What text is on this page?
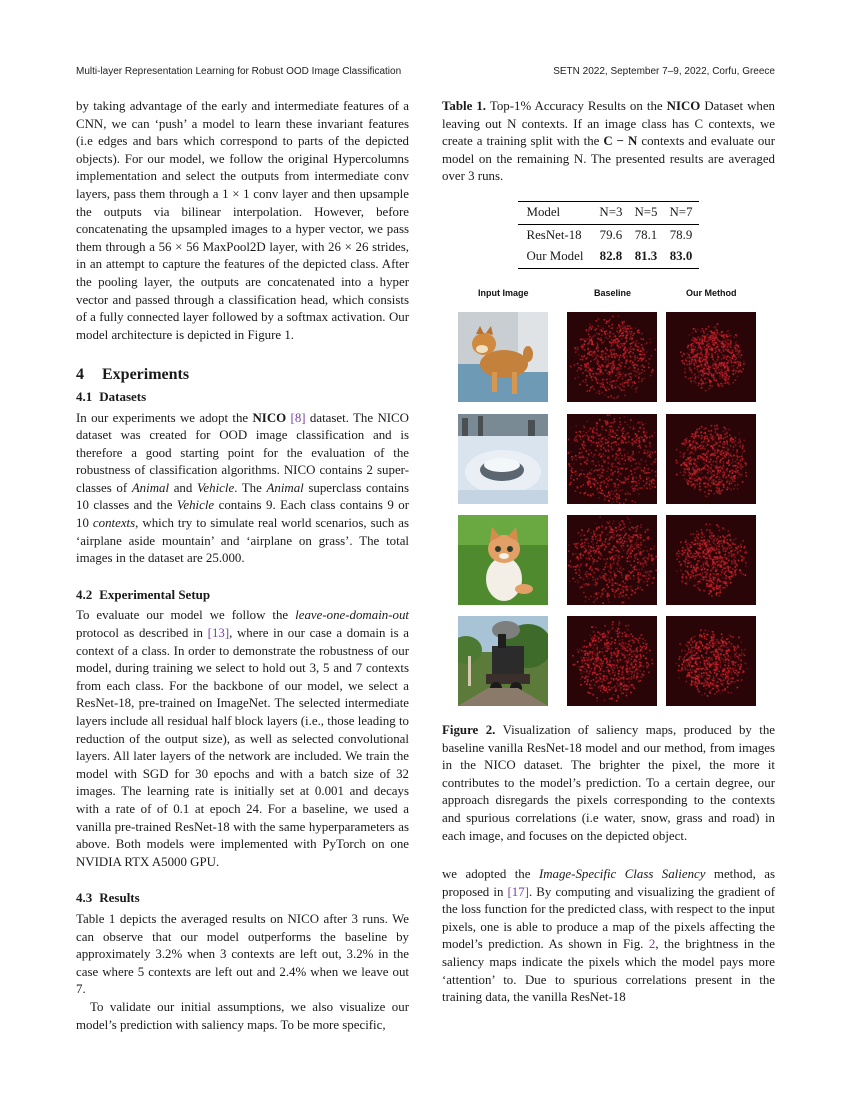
Multi-layer Representation Learning for Robust OOD Image Classification	SETN 2022, September 7–9, 2022, Corfu, Greece

by taking advantage of the early and intermediate features of a CNN, we can ‘push’ a model to learn these invariant features (i.e edges and bars which correspond to parts of the depicted objects). For our model, we follow the original Hypercolumns implementation and select the outputs from intermediate conv layers, pass them through a 1 × 1 conv layer and then upsample the outputs via bilinear interpolation. However, before concatenating the upsampled images to a hyper vector, we pass them through a 56 × 56 MaxPool2D layer, with 26 × 26 strides, in an attempt to capture the features of the depicted class. After the pooling layer, the outputs are concatenated into a hyper vector and passed through a classification head, which consists of a fully connected layer followed by a softmax activation. Our model architecture is depicted in Figure 1.

4 Experiments
4.1 Datasets

In our experiments we adopt the NICO [8] dataset. The NICO dataset was created for OOD image classification and is therefore a good starting point for the evaluation of the robustness of classification algorithms. NICO contains 2 super-classes of Animal and Vehicle. The Animal superclass contains 10 classes and the Vehicle contains 9. Each class contains 9 or 10 contexts, which try to simulate real world scenarios, such as ‘airplane aside mountain’ and ‘airplane on grass’. The total images in the dataset are 25.000.

4.2 Experimental Setup

To evaluate our model we follow the leave-one-domain-out protocol as described in [13], where in our case a domain is a context of a class. In order to demonstrate the robustness of our model, during training we select to hold out 3, 5 and 7 contexts from each class. For the backbone of our model, we select a ResNet-18, pre-trained on ImageNet. The selected intermediate layers include all residual half block layers (i.e., those leading to reduction of the output size), as well as selected convolutional layers. All later layers of the network are included. We train the model with SGD for 30 epochs and with a batch size of 32 images. The learning rate is initially set at 0.001 and decays with a rate of of 0.1 at epoch 24. For a baseline, we used a vanilla pre-trained ResNet-18 with the same hyperparameters as above. Both models were implemented with PyTorch on one NVIDIA RTX A5000 GPU.

4.3 Results

Table 1 depicts the averaged results on NICO after 3 runs. We can observe that our model outperforms the baseline by approximately 3.2% when 3 contexts are left out, 3.2% in the case where 5 contexts are left out and 2.4% when we leave out 7.

To validate our initial assumptions, we also visualize our model’s prediction with saliency maps. To be more specific,

Table 1. Top-1% Accuracy Results on the NICO Dataset when leaving out N contexts. If an image class has C contexts, we create a training split with the C − N contexts and evaluate our model on the remaining N. The presented results are averaged over 3 runs.

Model	N=3	N=5	N=7
ResNet-18	79.6	78.1	78.9
Our Model	82.8	81.3	83.0
Input Image	Baseline	Our Method

Figure 2. Visualization of saliency maps, produced by the baseline vanilla ResNet-18 model and our method, from images in the NICO dataset. The brighter the pixel, the more it contributes to the model’s prediction. To a certain degree, our approach disregards the pixels corresponding to the contexts and spurious correlations (i.e water, snow, grass and road) in each image, and focuses on the depicted object.

we adopted the Image-Specific Class Saliency method, as proposed in [17]. By computing and visualizing the gradient of the loss function for the predicted class, with respect to the input pixels, one is able to produce a map of the pixels affecting the model’s prediction. As shown in Fig. 2, the brightness in the saliency maps indicate the pixels which the model pays more ‘attention’ to. Due to spurious correlations present in the training data, the vanilla ResNet-18
